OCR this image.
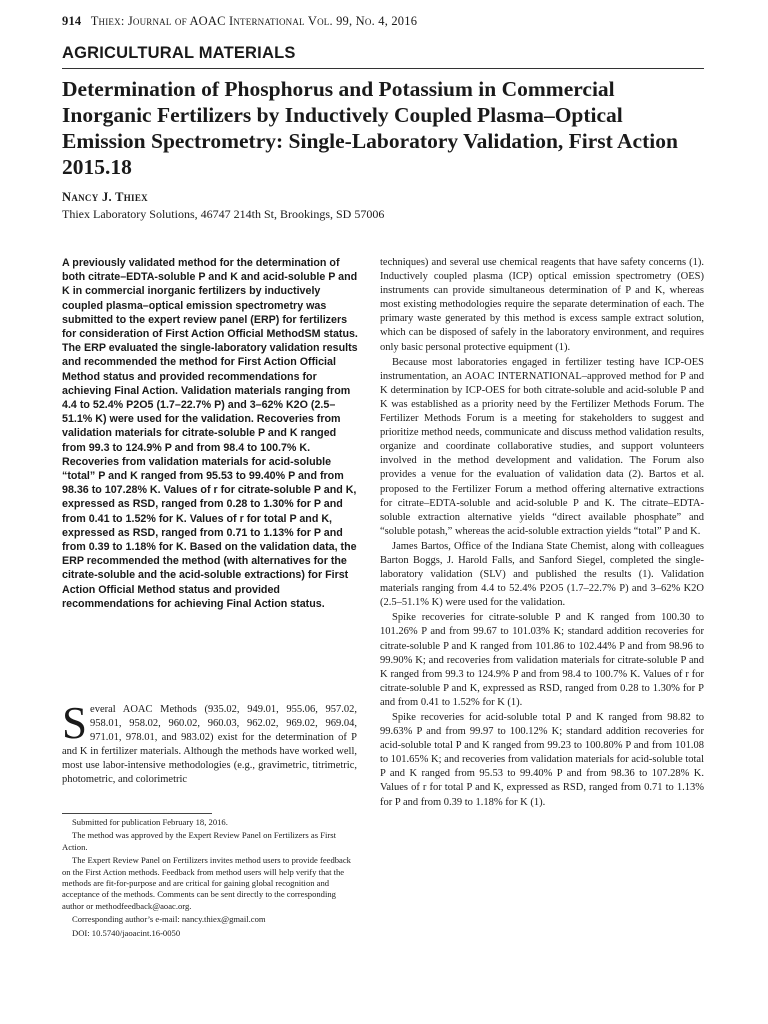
914 Thiex: Journal of AOAC International Vol. 99, No. 4, 2016
AGRICULTURAL MATERIALS
Determination of Phosphorus and Potassium in Commercial Inorganic Fertilizers by Inductively Coupled Plasma–Optical Emission Spectrometry: Single-Laboratory Validation, First Action 2015.18
Nancy J. Thiex
Thiex Laboratory Solutions, 46747 214th St, Brookings, SD 57006

A previously validated method for the determination of both citrate–EDTA-soluble P and K and acid-soluble P and K in commercial inorganic fertilizers by inductively coupled plasma–optical emission spectrometry was submitted to the expert review panel (ERP) for fertilizers for consideration of First Action Official MethodSM status. The ERP evaluated the single-laboratory validation results and recommended the method for First Action Official Method status and provided recommendations for achieving Final Action. Validation materials ranging from 4.4 to 52.4% P2O5 (1.7–22.7% P) and 3–62% K2O (2.5–51.1% K) were used for the validation. Recoveries from validation materials for citrate-soluble P and K ranged from 99.3 to 124.9% P and from 98.4 to 100.7% K. Recoveries from validation materials for acid-soluble “total” P and K ranged from 95.53 to 99.40% P and from 98.36 to 107.28% K. Values of r for citrate-soluble P and K, expressed as RSD, ranged from 0.28 to 1.30% for P and from 0.41 to 1.52% for K. Values of r for total P and K, expressed as RSD, ranged from 0.71 to 1.13% for P and from 0.39 to 1.18% for K. Based on the validation data, the ERP recommended the method (with alternatives for the citrate-soluble and the acid-soluble extractions) for First Action Official Method status and provided recommendations for achieving Final Action status.

Several AOAC Methods (935.02, 949.01, 955.06, 957.02, 958.01, 958.02, 960.02, 960.03, 962.02, 969.02, 969.04, 971.01, 978.01, and 983.02) exist for the determination of P and K in fertilizer materials. Although the methods have worked well, most use labor-intensive methodologies (e.g., gravimetric, titrimetric, photometric, and colorimetric

Submitted for publication February 18, 2016.

The method was approved by the Expert Review Panel on Fertilizers as First Action.

The Expert Review Panel on Fertilizers invites method users to provide feedback on the First Action methods. Feedback from method users will help verify that the methods are fit-for-purpose and are critical for gaining global recognition and acceptance of the methods. Comments can be sent directly to the corresponding author or methodfeedback@aoac.org.

Corresponding author’s e-mail: nancy.thiex@gmail.com

DOI: 10.5740/jaoacint.16-0050

techniques) and several use chemical reagents that have safety concerns (1). Inductively coupled plasma (ICP) optical emission spectrometry (OES) instruments can provide simultaneous determination of P and K, whereas most existing methodologies require the separate determination of each. The primary waste generated by this method is excess sample extract solution, which can be disposed of safely in the laboratory environment, and requires only basic personal protective equipment (1).

Because most laboratories engaged in fertilizer testing have ICP-OES instrumentation, an AOAC INTERNATIONAL–approved method for P and K determination by ICP-OES for both citrate-soluble and acid-soluble P and K was established as a priority need by the Fertilizer Methods Forum. The Fertilizer Methods Forum is a meeting for stakeholders to suggest and prioritize method needs, communicate and discuss method validation results, organize and coordinate collaborative studies, and support volunteers involved in the method development and validation. The Forum also provides a venue for the evaluation of validation data (2). Bartos et al. proposed to the Fertilizer Forum a method offering alternative extractions for citrate–EDTA-soluble and acid-soluble P and K. The citrate–EDTA-soluble extraction alternative yields “direct available phosphate” and “soluble potash,” whereas the acid-soluble extraction yields “total” P and K.

James Bartos, Office of the Indiana State Chemist, along with colleagues Barton Boggs, J. Harold Falls, and Sanford Siegel, completed the single-laboratory validation (SLV) and published the results (1). Validation materials ranging from 4.4 to 52.4% P2O5 (1.7–22.7% P) and 3–62% K2O (2.5–51.1% K) were used for the validation.

Spike recoveries for citrate-soluble P and K ranged from 100.30 to 101.26% P and from 99.67 to 101.03% K; standard addition recoveries for citrate-soluble P and K ranged from 101.86 to 102.44% P and from 98.96 to 99.90% K; and recoveries from validation materials for citrate-soluble P and K ranged from 99.3 to 124.9% P and from 98.4 to 100.7% K. Values of r for citrate-soluble P and K, expressed as RSD, ranged from 0.28 to 1.30% for P and from 0.41 to 1.52% for K (1).

Spike recoveries for acid-soluble total P and K ranged from 98.82 to 99.63% P and from 99.97 to 100.12% K; standard addition recoveries for acid-soluble total P and K ranged from 99.23 to 100.80% P and from 101.08 to 101.65% K; and recoveries from validation materials for acid-soluble total P and K ranged from 95.53 to 99.40% P and from 98.36 to 107.28% K. Values of r for total P and K, expressed as RSD, ranged from 0.71 to 1.13% for P and from 0.39 to 1.18% for K (1).
